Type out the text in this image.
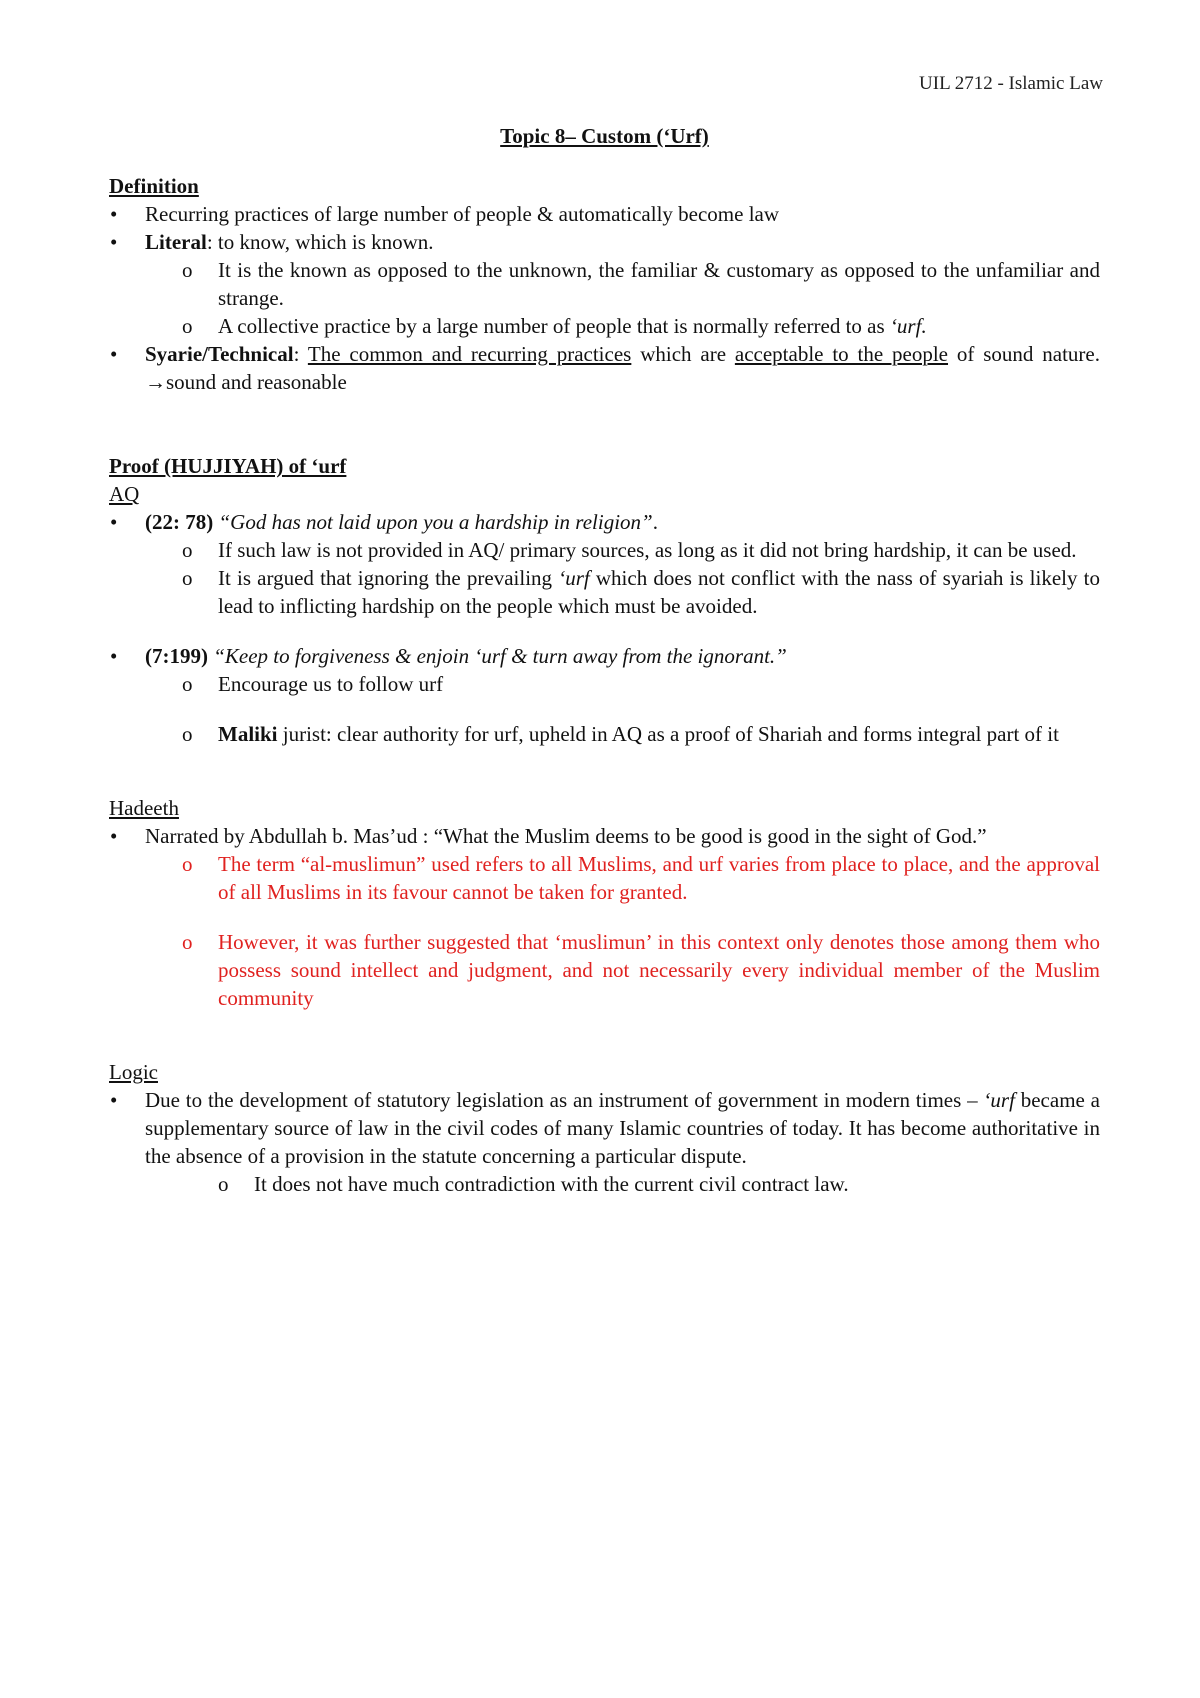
UIL 2712 - Islamic Law
Topic 8– Custom (‘Urf)
Definition
• Recurring practices of large number of people & automatically become law
• Literal: to know, which is known.
o It is the known as opposed to the unknown, the familiar & customary as opposed to the unfamiliar and strange.
o A collective practice by a large number of people that is normally referred to as ‘urf.
• Syarie/Technical: The common and recurring practices which are acceptable to the people of sound nature. →sound and reasonable
Proof (HUJJIYAH) of ‘urf
AQ
• (22: 78) “God has not laid upon you a hardship in religion”.
o If such law is not provided in AQ/ primary sources, as long as it did not bring hardship, it can be used.
o It is argued that ignoring the prevailing ‘urf which does not conflict with the nass of syariah is likely to lead to inflicting hardship on the people which must be avoided.
• (7:199) “Keep to forgiveness & enjoin ‘urf & turn away from the ignorant.”
o Encourage us to follow urf
o Maliki jurist: clear authority for urf, upheld in AQ as a proof of Shariah and forms integral part of it
Hadeeth
• Narrated by Abdullah b. Mas’ud : “What the Muslim deems to be good is good in the sight of God.”
o The term “al-muslimun” used refers to all Muslims, and urf varies from place to place, and the approval of all Muslims in its favour cannot be taken for granted.
o However, it was further suggested that ‘muslimun’ in this context only denotes those among them who possess sound intellect and judgment, and not necessarily every individual member of the Muslim community
Logic
• Due to the development of statutory legislation as an instrument of government in modern times – ‘urf became a supplementary source of law in the civil codes of many Islamic countries of today. It has become authoritative in the absence of a provision in the statute concerning a particular dispute.
o It does not have much contradiction with the current civil contract law.
